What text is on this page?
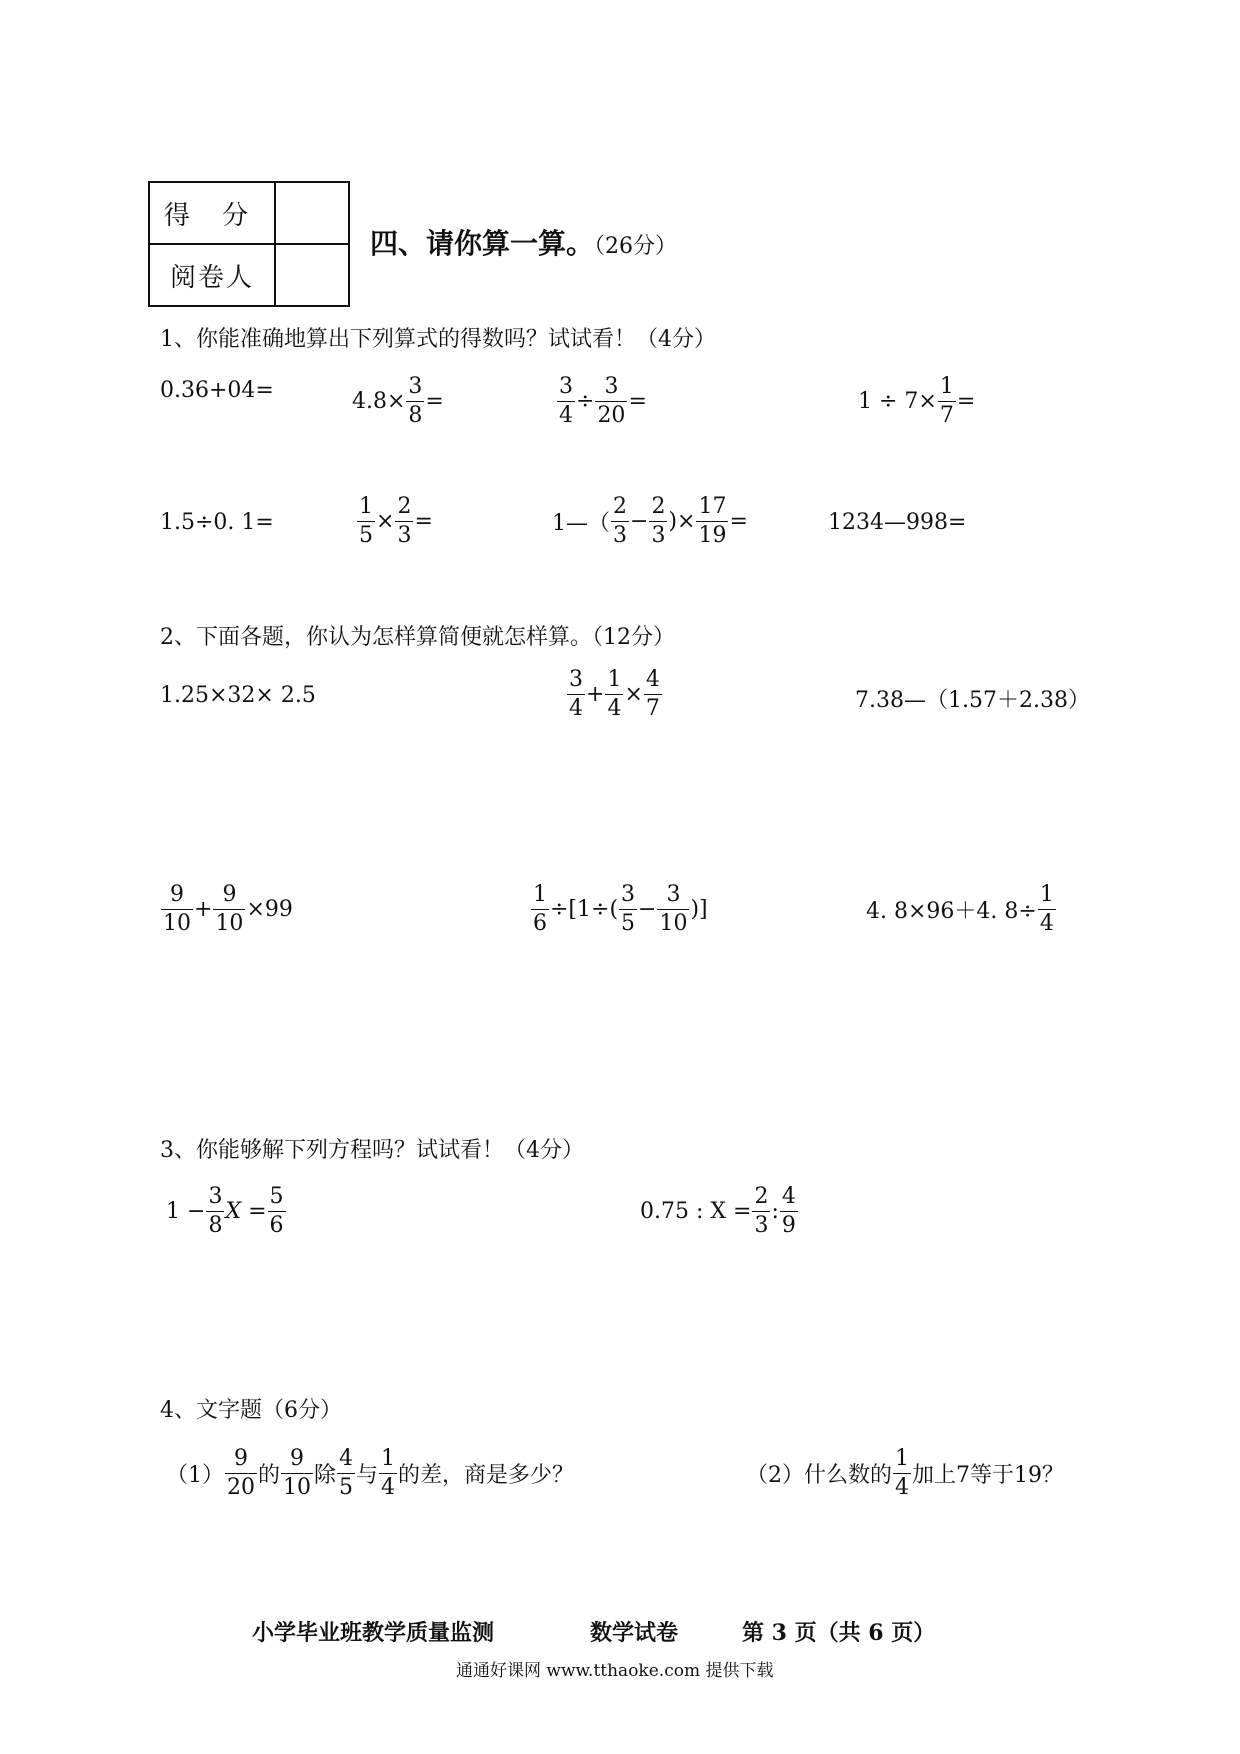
得 分	
阅卷人	
四、请你算一算。（26分）
1、你能准确地算出下列算式的得数吗？试试看！（4分）
0.36+04=	$4.8\times \frac{3}{8}$ =	$\frac{3}{4} \div \frac{3}{20}$ =	$1 \div 7\times \frac{1}{7}$ =
1.5÷0. 1=	$\frac{1}{5} \times \frac{2}{3}$ =	1—（
2
3
− $\frac{2}{3}$ )× $\frac{17}{19}$ =	1234—998=
2、下面各题，你认为怎样算简便就怎样算。（12分）
1.25×32× 2.5
3
4
+ $\frac{1}{4} \times \frac{4}{7}$	7.38—（1.57＋2.38）
9
10
+ $\frac{9}{10} \times 99$	$\frac{1}{6} \div[1\div$(
3
5
− $\frac{3}{10}$ )]	4. 8×96＋4. $8\div \frac{1}{4}$
3、你能够解下列方程吗？试试看！（4分）
$1 - \frac{3}{8}$ $X = \frac{5}{6}$	0.75 : $X = \frac{2}{3}$ :
4
9
4、文字题（6分）
（1）
9
20 的
9
10 除
4
5 与
1
4 的差，商是多少？	（2）什么数的
1
4 加上7等于19？
小学毕业班教学质量监测	数学试卷	第 3 页（共 6 页）
通通好课网 www.tthaoke.com 提供下载
